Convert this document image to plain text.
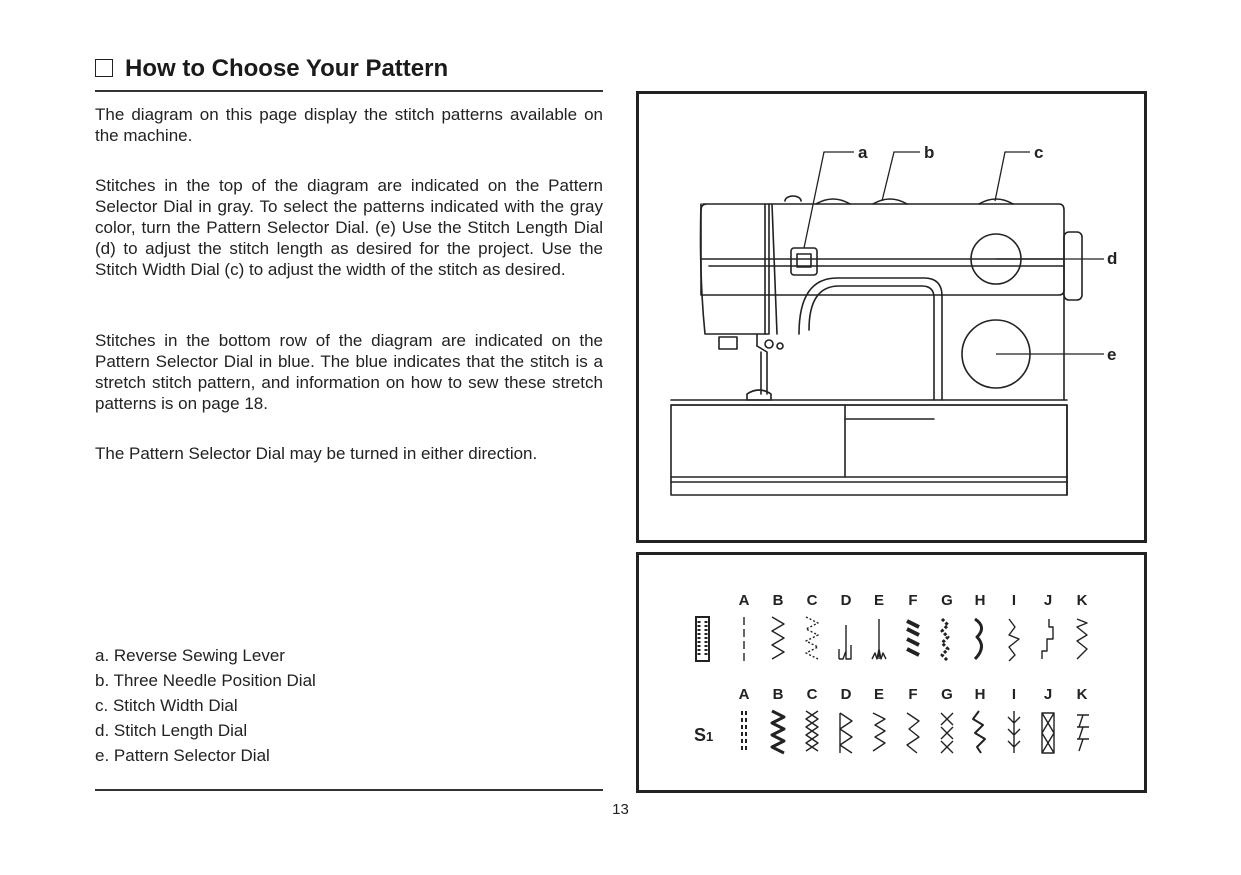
How to Choose Your Pattern

The diagram on this page display the stitch patterns available on the machine.

Stitches in the top of the diagram are indicated on the Pattern Selector Dial in gray. To select the patterns indicated with the gray color, turn the Pattern Selector Dial. (e) Use the Stitch Length Dial (d) to adjust the stitch length as desired for the project. Use the Stitch Width Dial (c) to adjust the width of the stitch as desired.

Stitches in the bottom row of the diagram are indicated on the Pattern Selector Dial in blue. The blue indicates that the stitch is a stretch stitch pattern, and information on how to sew these stretch patterns is on page 18.

The Pattern Selector Dial may be turned in either direction.

a. Reverse Sewing Lever
b. Three Needle Position Dial
c. Stitch Width Dial
d. Stitch Length Dial
e. Pattern Selector Dial
13
a	b	c
d
e
A B C D E F G H I J K
A B C D E F G H I J K
S 1
